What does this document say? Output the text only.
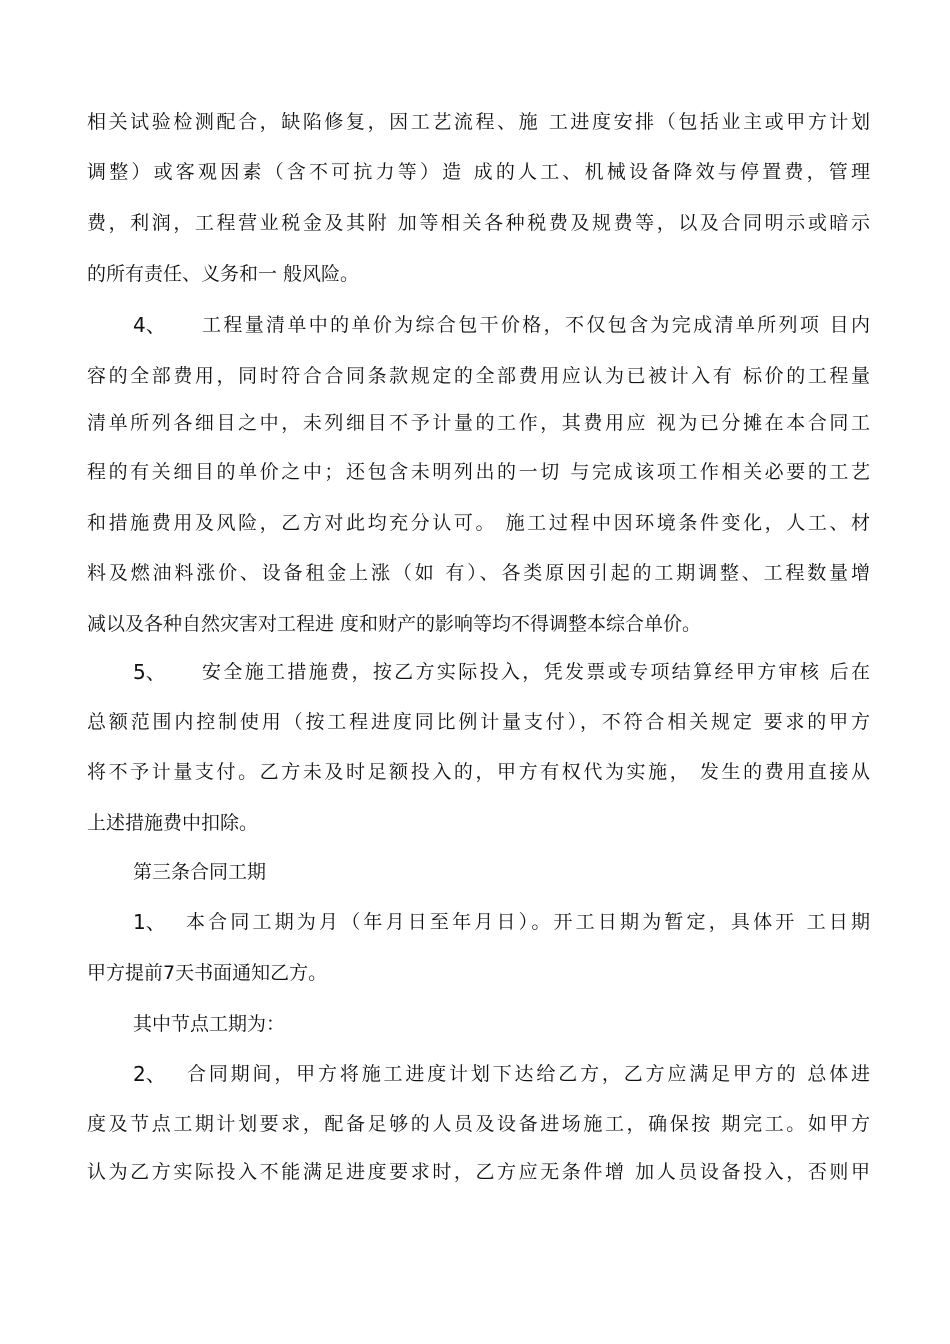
相关试验检测配合，缺陷修复，因工艺流程、施 工进度安排（包括业主或甲方计划
调整）或客观因素（含不可抗力等）造 成的人工、机械设备降效与停置费，管理
费，利润，工程营业税金及其附 加等相关各种税费及规费等，以及合同明示或暗示
的所有责任、义务和一 般风险。
4、 工程量清单中的单价为综合包干价格，不仅包含为完成清单所列项 目内
容的全部费用，同时符合合同条款规定的全部费用应认为已被计入有 标价的工程量
清单所列各细目之中，未列细目不予计量的工作，其费用应 视为已分摊在本合同工
程的有关细目的单价之中；还包含未明列出的一切 与完成该项工作相关必要的工艺
和措施费用及风险，乙方对此均充分认可。 施工过程中因环境条件变化，人工、材
料及燃油料涨价、设备租金上涨（如 有）、各类原因引起的工期调整、工程数量增
减以及各种自然灾害对工程进 度和财产的影响等均不得调整本综合单价。
5、 安全施工措施费，按乙方实际投入，凭发票或专项结算经甲方审核 后在
总额范围内控制使用（按工程进度同比例计量支付），不符合相关规定 要求的甲方
将不予计量支付。乙方未及时足额投入的，甲方有权代为实施， 发生的费用直接从
上述措施费中扣除。
第三条合同工期
1、 本合同工期为月（年月日至年月日）。开工日期为暂定，具体开 工日期
甲方提前7天书面通知乙方。
其中节点工期为：
2、 合同期间，甲方将施工进度计划下达给乙方，乙方应满足甲方的 总体进
度及节点工期计划要求，配备足够的人员及设备进场施工，确保按 期完工。如甲方
认为乙方实际投入不能满足进度要求时，乙方应无条件增 加人员设备投入，否则甲
